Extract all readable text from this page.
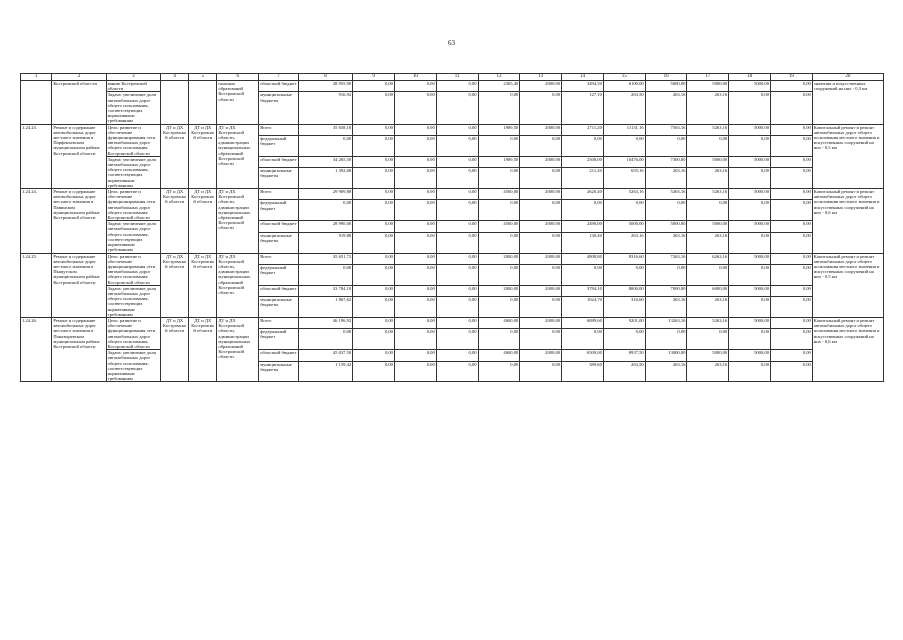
63
1	2	3	4	5	6	7	8	9	10	11	12	13	14	15	16	17	18	19	20
	Костромской обла-сти	ванию Костромской области			пальных образований Костромской области	областной бюджет	28 955,90	0,00	0,00	0,00	2365,40	2000,00	3494,50	6100,00	5000,00	5000,00	5000,00	0,00	значения и искусственных сооружений на них - 0,3 км
		Задача: увеличение доли автомобильных дорог общего пользования, соответствующих нормативным требованиям				муниципальные бюджеты	916,92	0,00	0,00	0,00	0,00	0,00	127,10	263,50	263,16	263,16	0,00	0,00	
1.24.23.	Ремонт и содержание автомобильных дорог местного значения в Парфеньевском муниципальном районе Костромской области	Цель: развитие и обеспечение функционирования сети автомобильных дорог общего пользования Костромской области	ДТ и ДХ Костромской области	ДТ и ДХ Костромской области	ДТ и ДХ Костромской области, администрации муниципальных образований Костромской области	Всего	35 658,18	0,00	0,00	0,00	1989,50	2000,00	2711,20	11131,16	7563,16	5263,16	5000,00	0,00	Капитальный ремонт и ремонт автомобильных дорог общего пользования местного значения и искусственных сооружений на них - 0,5 км
						федеральный бюджет	0,00	0,00	0,00	0,00	0,00	0,00	0,00	0,00	0,00	0,00	0,00	0,00	
		Задача: увеличение доли автомобильных дорог общего пользования, соответствующих нормативным требованиям				областной бюджет	34 265,50	0,00	0,00	0,00	1989,50	2000,00	2500,00	10476,00	7300,00	5000,00	5000,00	0,00	
						муниципальные бюджеты	1 392,68	0,00	0,00	0,00	0,00	0,00	211,20	655,16	263,16	263,16	0,00	0,00	
1.24.24.	Ремонт и содержание автомобильных дорог местного значения в Павинском муниципальном районе Костромской области	Цель: развитие и обеспечение функционирования сети автомобильных дорог общего пользования Костромской области	ДТ и ДХ Костромской области	ДТ и ДХ Костромской области	ДТ и ДХ Костромской области, администрации муниципальных образований Костромской области	Всего	29 909,88	0,00	0,00	0,00	4500,00	2000,00	2620,40	5263,16	5263,16	5263,16	5000,00	0,00	Капитальный ремонт и ремонт автомобильных дорог общего пользования местного значения и искусственных сооружений на них - 0,6 км
						федеральный бюджет	0,00	0,00	0,00	0,00	0,00	0,00	0,00	0,00	0,00	0,00	0,00	0,00	
		Задача: увеличение доли автомобильных дорог общего пользования, соответствующих нормативным требованиям				областной бюджет	28 990,00	0,00	0,00	0,00	4500,00	2000,00	2490,00	5000,00	5000,00	5000,00	5000,00	0,00	
						муниципальные бюджеты	919,88	0,00	0,00	0,00	0,00	0,00	130,40	263,16	263,16	263,16	0,00	0,00	
1.24.25.	Ремонт и содержание автомобильных дорог местного значения в Пыщугском муниципальном районе Костромской области	Цель: развитие и обеспечение функционирования сети автомобильных дорог общего пользования Костромской области	ДТ и ДХ Костромской области	ДТ и ДХ Костромской области	ДТ и ДХ Костромской области, администрации муниципальных образований Костромской области	Всего	35 651,72	0,00	0,00	0,00	2000,00	2000,00	4808,80	8316,60	7263,16	6263,16	5000,00	0,00	Капитальный ремонт и ремонт автомобильных дорог общего пользования местного значения и искусственных сооружений на них - 0,5 км
						федеральный бюджет	0,00	0,00	0,00	0,00	0,00	0,00	0,00	0,00	0,00	0,00	0,00	0,00	
		Задача: увеличение доли автомобильных дорог общего пользования, соответствующих нормативным требованиям				областной бюджет	33 784,10	0,00	0,00	0,00	2000,00	2000,00	3784,10	8000,00	7000,00	6000,00	5000,00	0,00	
						муниципальные бюджеты	1 867,62	0,00	0,00	0,00	0,00	0,00	1024,70	316,60	263,16	263,16	0,00	0,00	
1.24.26.	Ремонт и содержание автомобильных дорог местного значения в Поназыревском муниципальном районе Костромской области	Цель: развитие и обеспечение функционирования сети автомобильных дорог общего пользования Костромской области	ДТ и ДХ Костромской области	ДТ и ДХ Костромской области	ДТ и ДХ Костромской области, администрации муниципальных образований Костромской области	Всего	46 196,92	0,00	0,00	0,00	4600,00	2000,00	6889,60	9201,00	13263,16	5263,16	5000,00	0,00	Капитальный ремонт и ремонт автомобильных дорог общего пользования местного значения и искусственных сооружений на них - 0,6 км
						федеральный бюджет	0,00	0,00	0,00	0,00	0,00	0,00	0,00	0,00	0,00	0,00	0,00	0,00	
		Задача: увеличение доли автомобильных дорог общего пользования, соответствующих нормативным требованиям				областной бюджет	45 037,50	0,00	0,00	0,00	4600,00	2000,00	6500,00	8937,50	13000,00	5000,00	5000,00	0,00	
						муниципальные бюджеты	1 159,42	0,00	0,00	0,00	0,00	0,00	389,60	263,50	263,16	263,16	0,00	0,00	
